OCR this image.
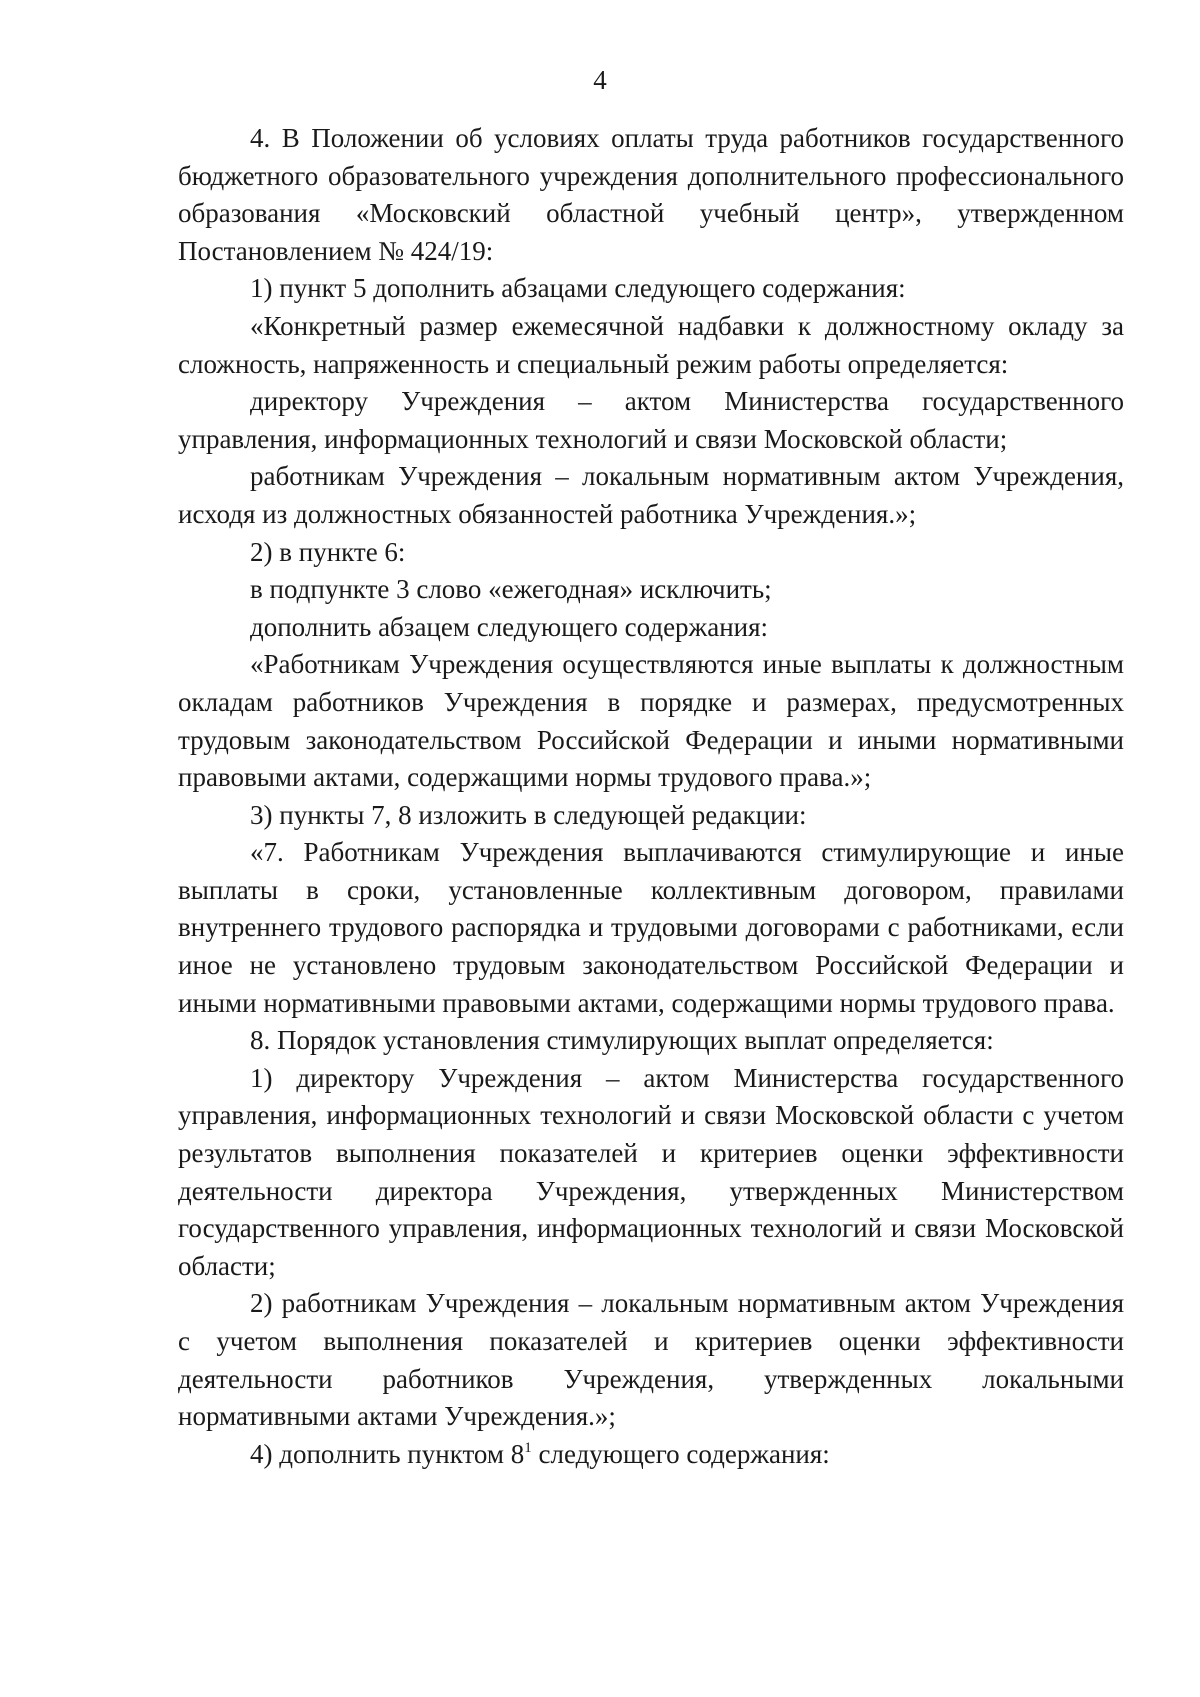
4

4. В Положении об условиях оплаты труда работников государственного бюджетного образовательного учреждения дополнительного профессионального образования «Московский областной учебный центр», утвержденном Постановлением № 424/19:

1) пункт 5 дополнить абзацами следующего содержания:

«Конкретный размер ежемесячной надбавки к должностному окладу за сложность, напряженность и специальный режим работы определяется:

директору Учреждения – актом Министерства государственного управления, информационных технологий и связи Московской области;

работникам Учреждения – локальным нормативным актом Учреждения, исходя из должностных обязанностей работника Учреждения.»;

2) в пункте 6:

в подпункте 3 слово «ежегодная» исключить;

дополнить абзацем следующего содержания:

«Работникам Учреждения осуществляются иные выплаты к должностным окладам работников Учреждения в порядке и размерах, предусмотренных трудовым законодательством Российской Федерации и иными нормативными правовыми актами, содержащими нормы трудового права.»;

3) пункты 7, 8 изложить в следующей редакции:

«7. Работникам Учреждения выплачиваются стимулирующие и иные выплаты в сроки, установленные коллективным договором, правилами внутреннего трудового распорядка и трудовыми договорами с работниками, если иное не установлено трудовым законодательством Российской Федерации и иными нормативными правовыми актами, содержащими нормы трудового права.

8. Порядок установления стимулирующих выплат определяется:

1) директору Учреждения – актом Министерства государственного управления, информационных технологий и связи Московской области с учетом результатов выполнения показателей и критериев оценки эффективности деятельности директора Учреждения, утвержденных Министерством государственного управления, информационных технологий и связи Московской области;

2) работникам Учреждения – локальным нормативным актом Учреждения с учетом выполнения показателей и критериев оценки эффективности деятельности работников Учреждения, утвержденных локальными нормативными актами Учреждения.»;

4) дополнить пунктом $8^1$ следующего содержания:
